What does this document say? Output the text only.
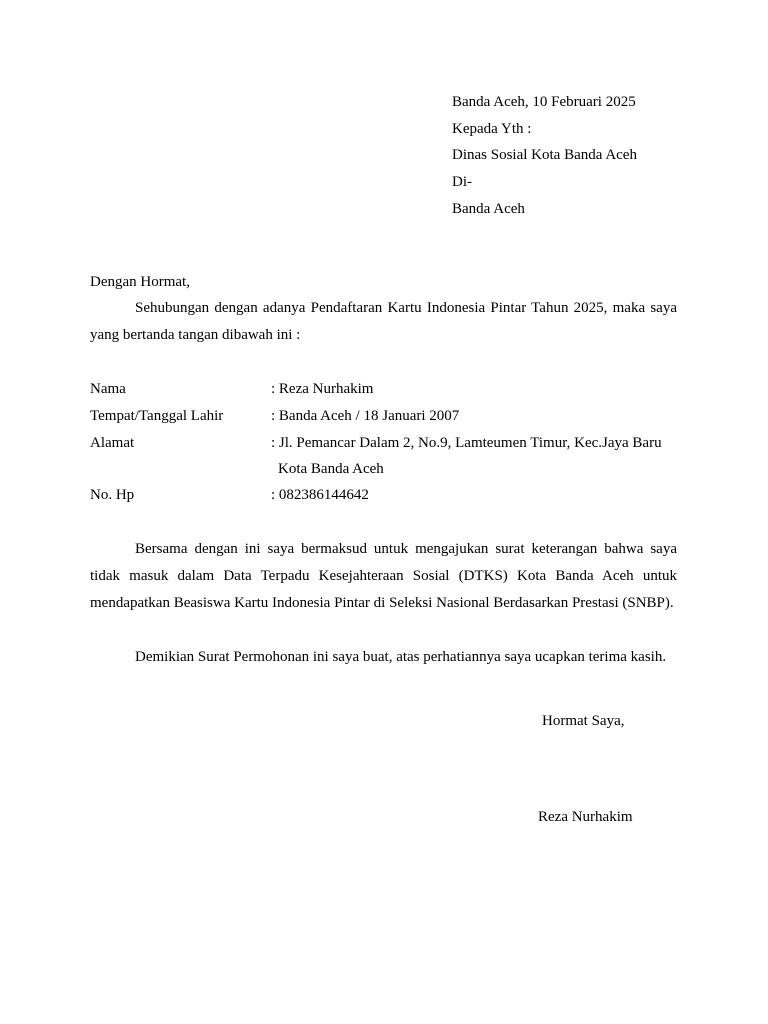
Banda Aceh, 10 Februari 2025
Kepada Yth :
Dinas Sosial Kota Banda Aceh
Di-
Banda Aceh
Dengan Hormat,
Sehubungan dengan adanya Pendaftaran Kartu Indonesia Pintar Tahun 2025, maka saya
yang bertanda tangan dibawah ini :
Nama	: Reza Nurhakim
Tempat/Tanggal Lahir	: Banda Aceh / 18 Januari 2007
Alamat	: Jl. Pemancar Dalam 2, No.9, Lamteumen Timur, Kec.Jaya Baru
Kota Banda Aceh
No. Hp	: 082386144642
Bersama dengan ini saya bermaksud untuk mengajukan surat keterangan bahwa saya
tidak masuk dalam Data Terpadu Kesejahteraan Sosial (DTKS) Kota Banda Aceh untuk
mendapatkan Beasiswa Kartu Indonesia Pintar di Seleksi Nasional Berdasarkan Prestasi (SNBP).
Demikian Surat Permohonan ini saya buat, atas perhatiannya saya ucapkan terima kasih.
Hormat Saya,
Reza Nurhakim
